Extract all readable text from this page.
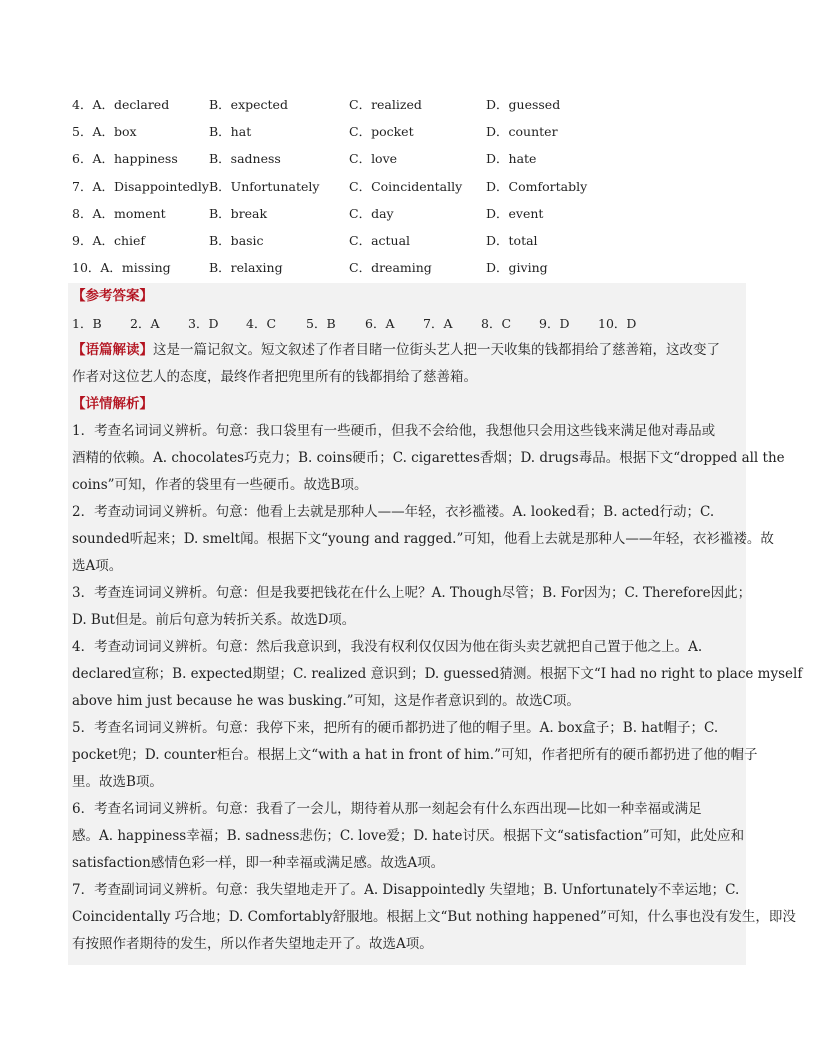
4．A．declared	B．expected	C．realized	D．guessed
5．A．box	B．hat	C．pocket	D．counter
6．A．happiness B．sadness	C．love	D．hate
7．A．Disappointedly B．Unfortunately C．Coincidentally D．Comfortably
8．A．moment	B．break	C．day	D．event
9．A．chief	B．basic	C．actual	D．total
10．A．missing	B．relaxing	C．dreaming	D．giving
【参考答案】
1．B 2．A 3．D 4．C 5．B 6．A 7．A 8．C 9．D 10．D
【语篇解读】这是一篇记叙文。短文叙述了作者目睹一位街头艺人把一天收集的钱都捐给了慈善箱，这改变了
作者对这位艺人的态度，最终作者把兜里所有的钱都捐给了慈善箱。
【详情解析】
1．考查名词词义辨析。句意：我口袋里有一些硬币，但我不会给他，我想他只会用这些钱来满足他对毒品或
酒精的依赖。A. chocolates巧克力；B. coins硬币；C. cigarettes香烟；D. drugs毒品。根据下文“dropped all the
coins”可知，作者的袋里有一些硬币。故选B项。
2．考查动词词义辨析。句意：他看上去就是那种人——年轻，衣衫褴褛。A. looked看；B. acted行动；C.
sounded听起来；D. smelt闻。根据下文“young and ragged.”可知，他看上去就是那种人——年轻，衣衫褴褛。故
选A项。
3．考查连词词义辨析。句意：但是我要把钱花在什么上呢？A. Though尽管；B. For因为；C. Therefore因此；
D. But但是。前后句意为转折关系。故选D项。
4．考查动词词义辨析。句意：然后我意识到，我没有权利仅仅因为他在街头卖艺就把自己置于他之上。A.
declared宣称；B. expected期望；C. realized 意识到；D. guessed猜测。根据下文“I had no right to place myself
above him just because he was busking.”可知，这是作者意识到的。故选C项。
5．考查名词词义辨析。句意：我停下来，把所有的硬币都扔进了他的帽子里。A. box盒子；B. hat帽子；C.
pocket兜；D. counter柜台。根据上文“with a hat in front of him.”可知，作者把所有的硬币都扔进了他的帽子
里。故选B项。
6．考查名词词义辨析。句意：我看了一会儿，期待着从那一刻起会有什么东西出现—比如一种幸福或满足
感。A. happiness幸福；B. sadness悲伤；C. love爱；D. hate讨厌。根据下文“satisfaction”可知，此处应和
satisfaction感情色彩一样，即一种幸福或满足感。故选A项。
7．考查副词词义辨析。句意：我失望地走开了。A. Disappointedly 失望地；B. Unfortunately不幸运地；C.
Coincidentally 巧合地；D. Comfortably舒服地。根据上文“But nothing happened”可知，什么事也没有发生，即没
有按照作者期待的发生，所以作者失望地走开了。故选A项。
